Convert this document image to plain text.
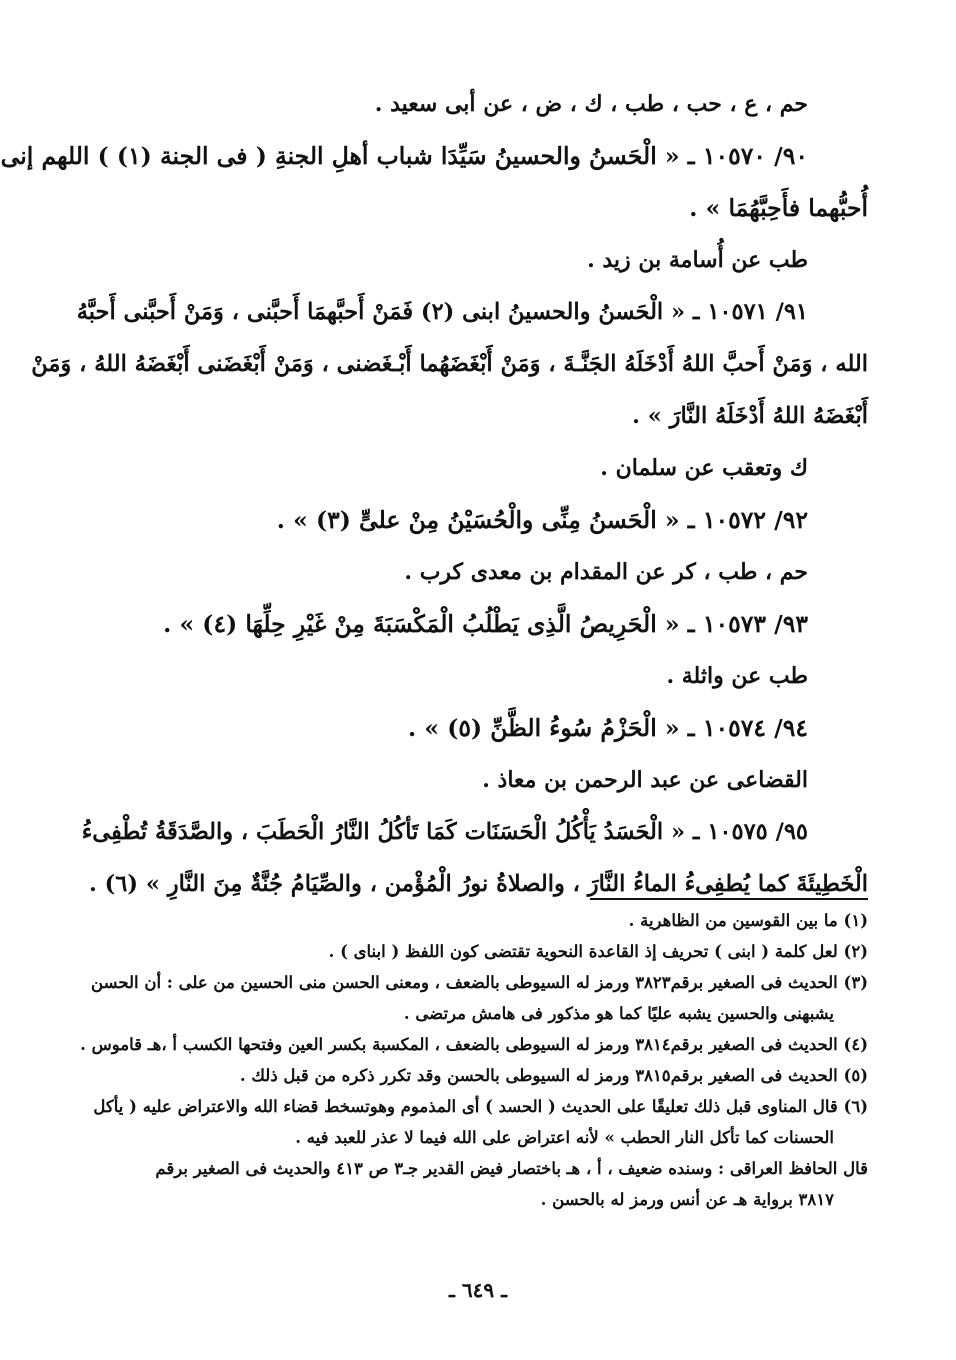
حم ، ع ، حب ، طب ، ك ، ض ، عن أبى سعيد .
٩٠/ ١٠٥٧٠ ـ « الْحَسنُ والحسينُ سَيِّدَا شباب أهلِ الجنةِ ( فى الجنة (١) ) اللهم إنى
أُحبُّهما فأَحِبَّهُمَا » .
طب عن أُسامة بن زيد .
٩١/ ١٠٥٧١ ـ « الْحَسنُ والحسينُ ابنى (٢) فَمَنْ أَحبَّهمَا أَحبَّنى ، وَمَنْ أَحبَّنى أَحبَّهُ
الله ، وَمَنْ أَحبَّ اللهُ أَدْخَلَهُ الجَنَّـةَ ، وَمَنْ أَبْغَضَهُما أَبْـغَضنى ، وَمَنْ أَبْغَضَنى أَبْغَضَهُ اللهُ ، وَمَنْ
أَبْغَضَهُ اللهُ أَدْخَلَهُ النَّارَ » .
ك وتعقب عن سلمان .
٩٢/ ١٠٥٧٢ ـ « الْحَسنُ مِنِّى والْحُسَيْنُ مِنْ علىٍّ (٣) » .
حم ، طب ، كر عن المقدام بن معدى كرب .
٩٣/ ١٠٥٧٣ ـ « الْحَرِيصُ الَّذِى يَطْلُبُ الْمَكْسَبَةَ مِنْ غَيْرِ حِلِّهَا (٤) » .
طب عن واثلة .
٩٤/ ١٠٥٧٤ ـ « الْحَزْمُ سُوءُ الظَّنِّ (٥) » .
القضاعى عن عبد الرحمن بن معاذ .
٩٥/ ١٠٥٧٥ ـ « الْحَسَدُ يَأْكُلُ الْحَسَنَات كَمَا تَأكُلُ النَّارُ الْحَطَبَ ، والصَّدَقَةُ تُطْفِىءُ
الْخَطِيئَةَ كما يُطفِىءُ الماءُ النَّارَ ، والصلاةُ نورُ الْمُؤْمن ، والصِّيَامُ جُنَّةٌ مِنَ النَّارِ » (٦) .
(١) ما بين القوسين من الظاهرية .
(٢) لعل كلمة ( ابنى ) تحريف إذ القاعدة النحوية تقتضى كون اللفظ ( ابناى ) .
(٣) الحديث فى الصغير برقم٣٨٢٣ ورمز له السيوطى بالضعف ، ومعنى الحسن منى الحسين من على : أن الحسن
يشبهنى والحسين يشبه عليًا كما هو مذكور فى هامش مرتضى .
(٤) الحديث فى الصغير برقم٣٨١٤ ورمز له السيوطى بالضعف ، المكسبة بكسر العين وفتحها الكسب أ ،هـ قاموس .
(٥) الحديث فى الصغير برقم٣٨١٥ ورمز له السيوطى بالحسن وقد تكرر ذكره من قبل ذلك .
(٦) قال المناوى قبل ذلك تعليقًا على الحديث ( الحسد ) أى المذموم وهوتسخط قضاء الله والاعتراض عليه ( يأكل
الحسنات كما تأكل النار الحطب » لأنه اعتراض على الله فيما لا عذر للعبد فيه .
قال الحافظ العراقى : وسنده ضعيف ، أ ، هـ باختصار فيض القدير جـ٣ ص ٤١٣ والحديث فى الصغير برقم
٣٨١٧ برواية هـ عن أنس ورمز له بالحسن .
ـ ٦٤٩ ـ
